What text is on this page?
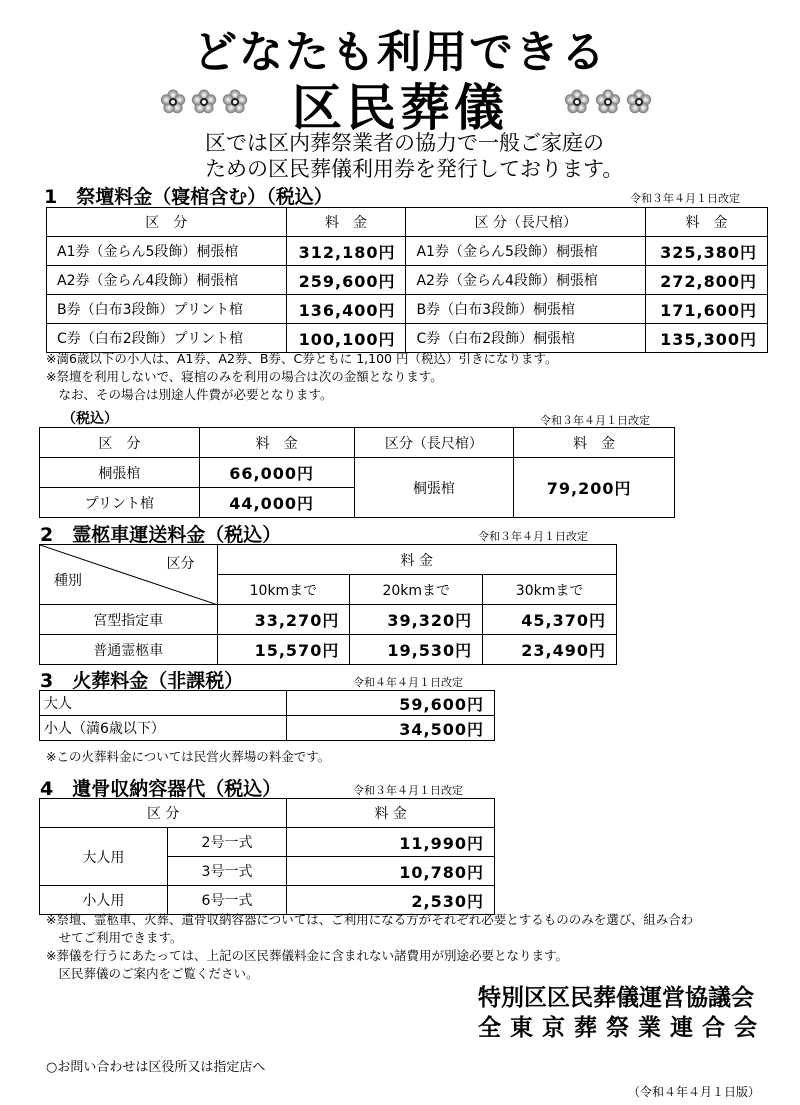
どなたも利用できる
区民葬儀
区では区内葬祭業者の協力で一般ご家庭の
ための区民葬儀利用券を発行しております。
1　祭壇料金（寝棺含む）（税込）	令和３年４月１日改定
区　分	料　金	区 分（長尺棺）	料　金
A1券（金らん5段飾）桐張棺	312,180円	A1券（金らん5段飾）桐張棺	325,380円
A2券（金らん4段飾）桐張棺	259,600円	A2券（金らん4段飾）桐張棺	272,800円
B券（白布3段飾）プリント棺	136,400円	B券（白布3段飾）桐張棺	171,600円
C券（白布2段飾）プリント棺	100,100円	C券（白布2段飾）桐張棺	135,300円
※満6歳以下の小人は、A1券、A2券、B券、C券ともに 1,100 円（税込）引きになります。
※祭壇を利用しないで、寝棺のみを利用の場合は次の金額となります。
　なお、その場合は別途人件費が必要となります。
（税込）	令和３年４月１日改定
区　分	料　金	区分（長尺棺）	料　金
桐張棺	66,000円	桐張棺	79,200円
プリント棺	44,000円		
2　霊柩車運送料金（税込）	令和３年４月１日改定
区分
種別	料 金		
	10kmまで	20kmまで	30kmまで
宮型指定車	33,270円	39,320円	45,370円
普通霊柩車	15,570円	19,530円	23,490円
3　火葬料金（非課税）	令和４年４月１日改定
大人	59,600円
小人（満6歳以下）	34,500円
※この火葬料金については民営火葬場の料金です。
4　遺骨収納容器代（税込）	令和３年４月１日改定
区 分		料 金
大人用	2号一式	11,990円
	3号一式	10,780円
小人用	6号一式	2,530円
※祭壇、霊柩車、火葬、遺骨収納容器については、ご利用になる方がそれぞれ必要とするもののみを選び、組み合わ
　せてご利用できます。
※葬儀を行うにあたっては、上記の区民葬儀料金に含まれない諸費用が別途必要となります。
　区民葬儀のご案内をご覧ください。
特別区区民葬儀運営協議会
全東京葬祭業連合会
○お問い合わせは区役所又は指定店へ
（令和４年４月１日版）
